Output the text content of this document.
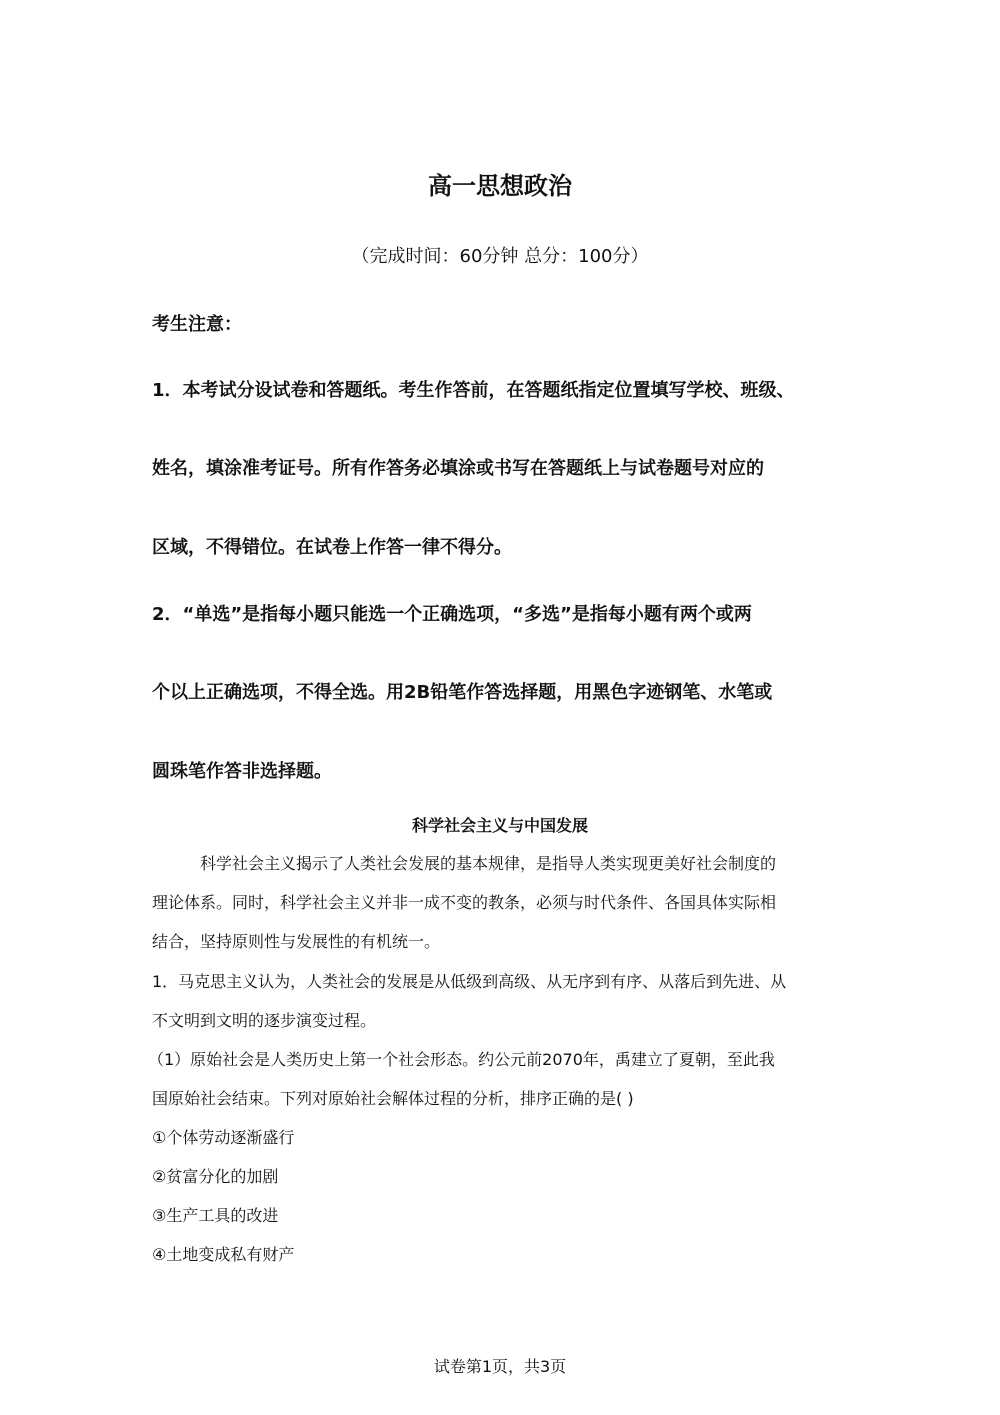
高一思想政治
（完成时间：60分钟 总分：100分）
考生注意：
1．本考试分设试卷和答题纸。考生作答前，在答题纸指定位置填写学校、班级、
姓名，填涂准考证号。所有作答务必填涂或书写在答题纸上与试卷题号对应的
区域，不得错位。在试卷上作答一律不得分。
2．“单选”是指每小题只能选一个正确选项，“多选”是指每小题有两个或两
个以上正确选项，不得全选。用2B铅笔作答选择题，用黑色字迹钢笔、水笔或
圆珠笔作答非选择题。
科学社会主义与中国发展
科学社会主义揭示了人类社会发展的基本规律，是指导人类实现更美好社会制度的
理论体系。同时，科学社会主义并非一成不变的教条，必须与时代条件、各国具体实际相
结合，坚持原则性与发展性的有机统一。
1．马克思主义认为，人类社会的发展是从低级到高级、从无序到有序、从落后到先进、从
不文明到文明的逐步演变过程。
（1）原始社会是人类历史上第一个社会形态。约公元前2070年，禹建立了夏朝，至此我
国原始社会结束。下列对原始社会解体过程的分析，排序正确的是( )
①个体劳动逐渐盛行
②贫富分化的加剧
③生产工具的改进
④土地变成私有财产
试卷第1页，共3页
